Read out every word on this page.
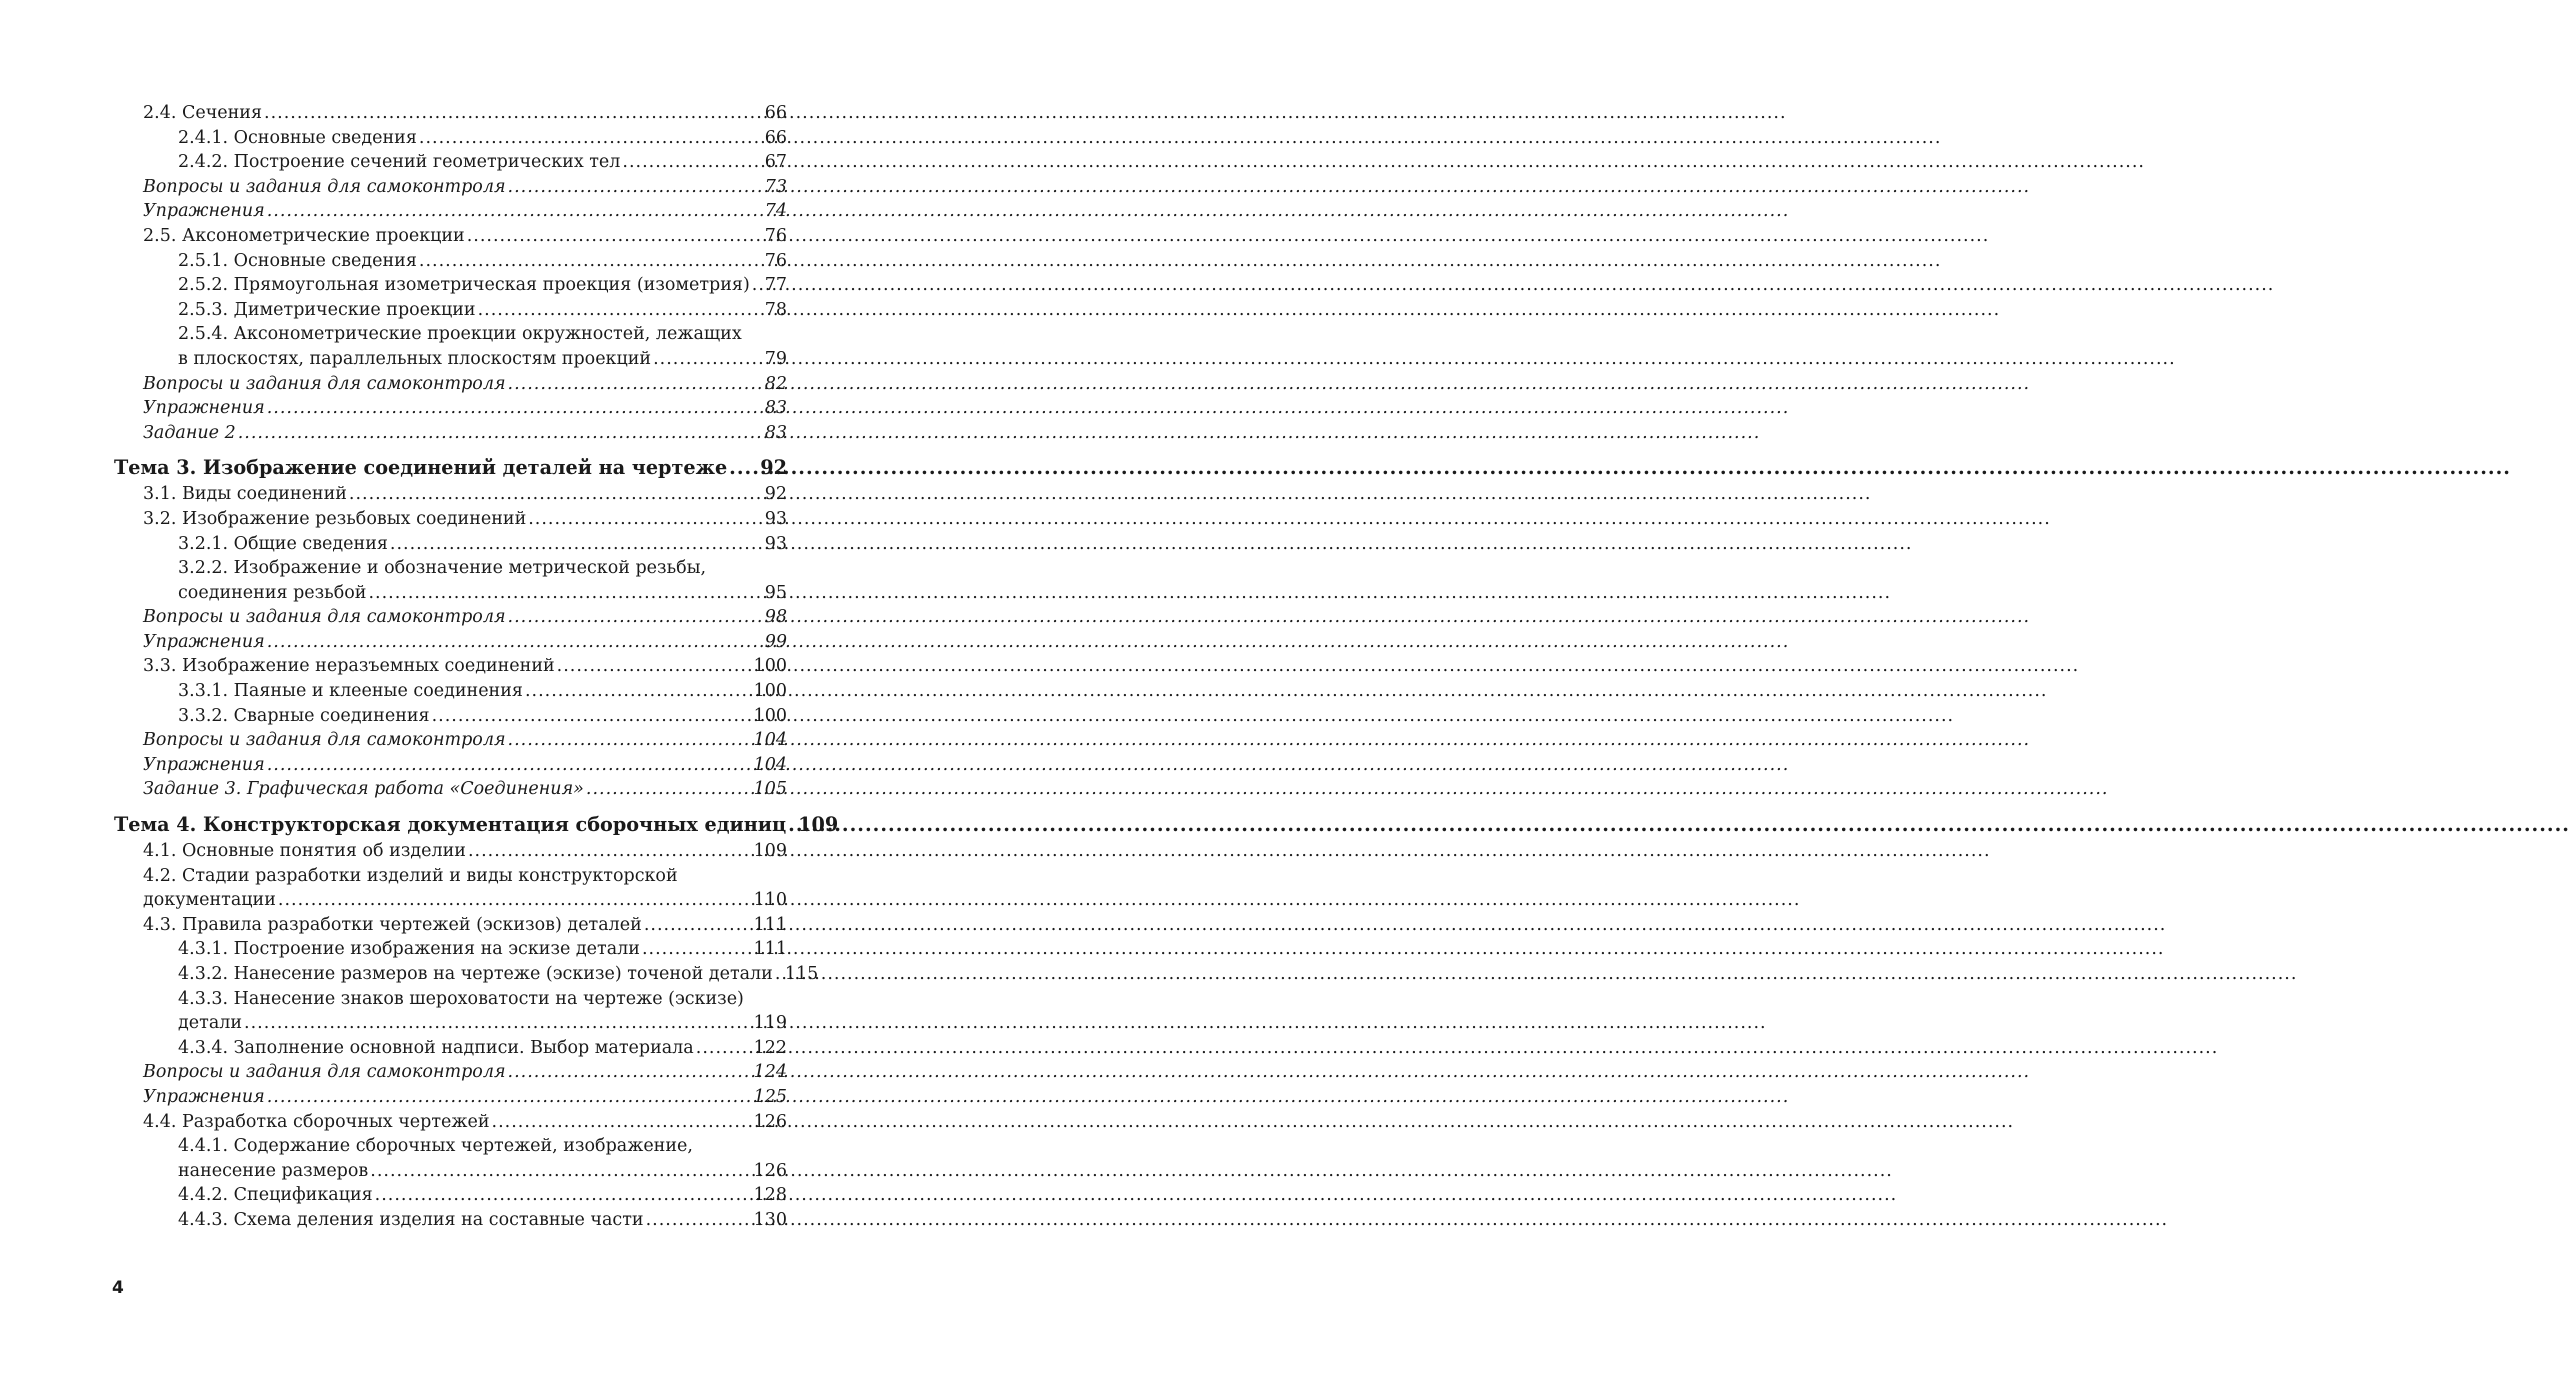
2.4. Сечения .....	66
2.4.1. Основные сведения .....	66
2.4.2. Построение сечений геометрических тел .....	67
Вопросы и задания для самоконтроля .....	73
Упражнения .....	74
2.5. Аксонометрические проекции .....	76
2.5.1. Основные сведения .....	76
2.5.2. Прямоугольная изометрическая проекция (изометрия) ..... 77
2.5.3. Диметрические проекции .....	78
2.5.4. Аксонометрические проекции окружностей, лежащих
в плоскостях, параллельных плоскостям проекций .....	79
Вопросы и задания для самоконтроля .....	82
Упражнения .....	83
Задание 2 .....	83
Тема 3. Изображение соединений деталей на чертеже ..... 92
3.1. Виды соединений .....	92
3.2. Изображение резьбовых соединений .....	93
3.2.1. Общие сведения .....	93
3.2.2. Изображение и обозначение метрической резьбы,
соединения резьбой .....	95
Вопросы и задания для самоконтроля .....	98
Упражнения .....	99
3.3. Изображение неразъемных соединений .....	100
3.3.1. Паяные и клееные соединения .....	100
3.3.2. Сварные соединения .....	100
Вопросы и задания для самоконтроля .....	104
Упражнения .....	104
Задание 3. Графическая работа «Соединения» .....	105
Тема 4. Конструкторская документация сборочных единиц ..... 109
4.1. Основные понятия об изделии .....	109
4.2. Стадии разработки изделий и виды конструкторской
документации .....	110
4.3. Правила разработки чертежей (эскизов) деталей .....	111
4.3.1. Построение изображения на эскизе детали .....	111
4.3.2. Нанесение размеров на чертеже (эскизе) точеной детали ..... 115
4.3.3. Нанесение знаков шероховатости на чертеже (эскизе)
детали .....	119
4.3.4. Заполнение основной надписи. Выбор материала .....	122
Вопросы и задания для самоконтроля .....	124
Упражнения .....	125
4.4. Разработка сборочных чертежей .....	126
4.4.1. Содержание сборочных чертежей, изображение,
нанесение размеров .....	126
4.4.2. Спецификация .....	128
4.4.3. Схема деления изделия на составные части .....	130
4
